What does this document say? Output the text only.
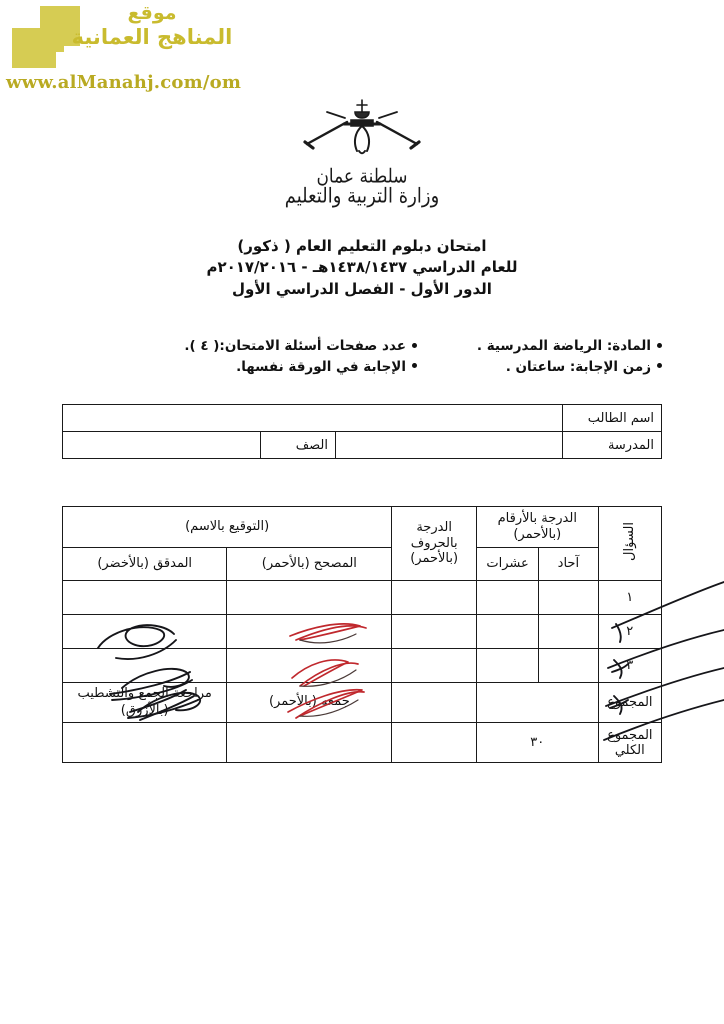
موقع
المناهج العمانية
www.alManahj.com/om
سلطنة عمان
وزارة التربية والتعليم
امتحان دبلوم التعليم العام ( ذكور)
للعام الدراسي ١٤٣٨/١٤٣٧هـ - ٢٠١٧/٢٠١٦م
الدور الأول - الفصل الدراسي الأول
المادة: الرياضة المدرسية .
زمن الإجابة: ساعتان .
عدد صفحات أسئلة الامتحان:( ٤ ).
الإجابة في الورقة نفسها.
اسم الطالب			
المدرسة		الصف	
السؤال	الدرجة بالأرقام (بالأحمر)		الدرجة بالحروف (بالأحمر)	(التوقيع بالاسم)	
	آحاد	عشرات		المصحح (بالأحمر)	المدقق (بالأخضر)
١					
٢					
٣					
المجموع				جمعه (بالأحمر)	مراجعة الجمع والتشطيب (بالأزرق)
المجموع الكلي	٣٠				
